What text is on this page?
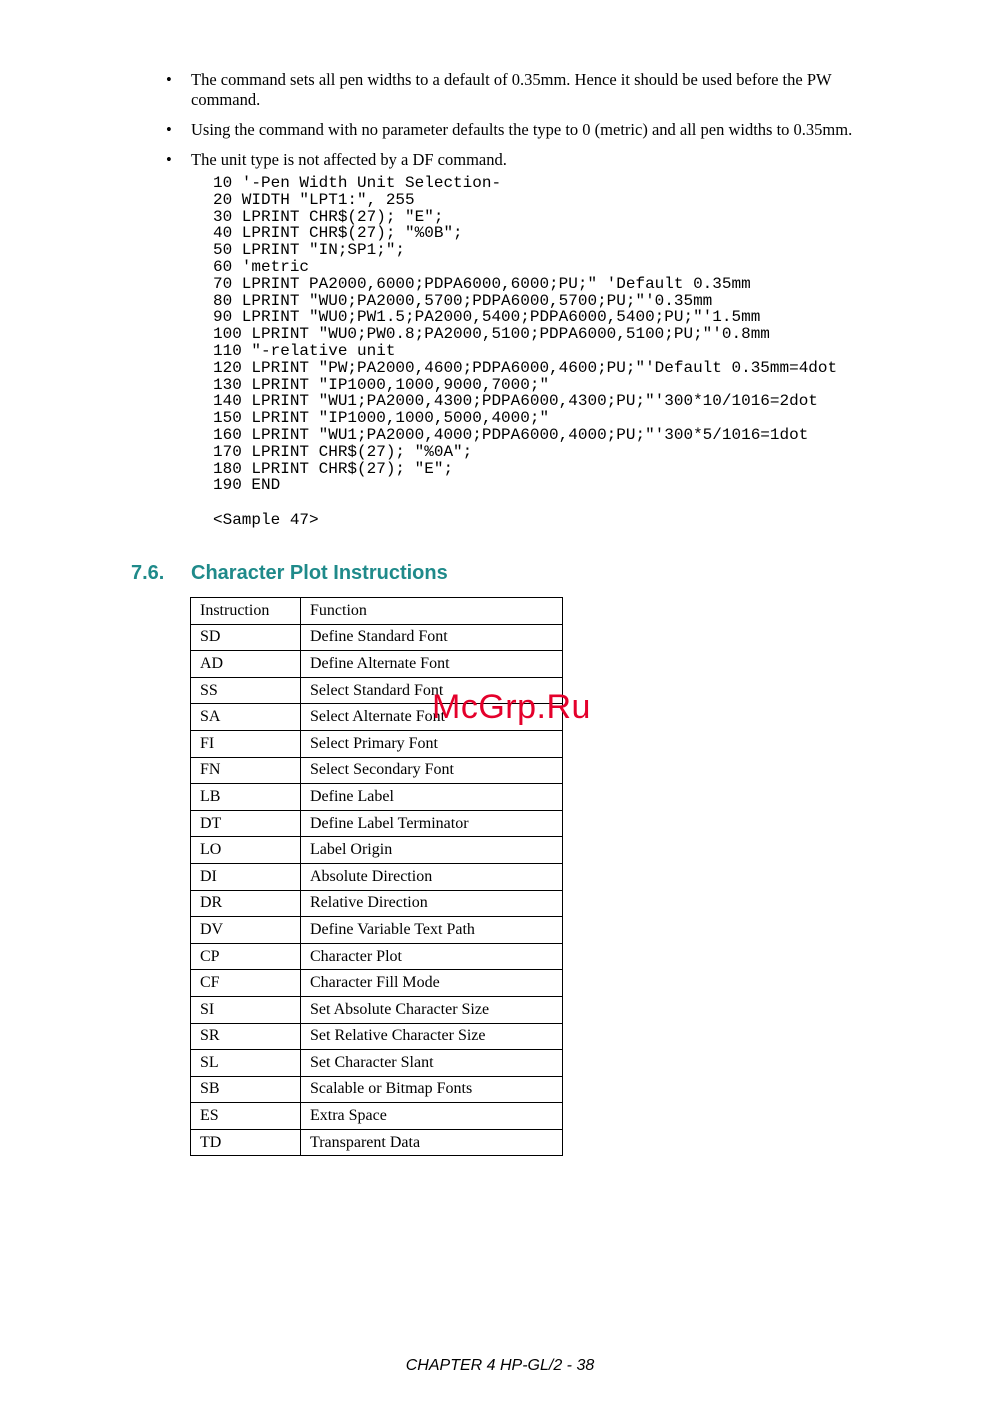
• The command sets all pen widths to a default of 0.35mm. Hence it should be used before the PW command.
• Using the command with no parameter defaults the type to 0 (metric) and all pen widths to 0.35mm.
• The unit type is not affected by a DF command.
10 '-Pen Width Unit Selection-
20 WIDTH "LPT1:", 255
30 LPRINT CHR$(27); "E";
40 LPRINT CHR$(27); "%0B";
50 LPRINT "IN;SP1;";
60 'metric
70 LPRINT PA2000,6000;PDPA6000,6000;PU;" 'Default 0.35mm
80 LPRINT "WU0;PA2000,5700;PDPA6000,5700;PU;"'0.35mm
90 LPRINT "WU0;PW1.5;PA2000,5400;PDPA6000,5400;PU;"'1.5mm
100 LPRINT "WU0;PW0.8;PA2000,5100;PDPA6000,5100;PU;"'0.8mm
110 "-relative unit
120 LPRINT "PW;PA2000,4600;PDPA6000,4600;PU;"'Default 0.35mm=4dot
130 LPRINT "IP1000,1000,9000,7000;"
140 LPRINT "WU1;PA2000,4300;PDPA6000,4300;PU;"'300*10/1016=2dot
150 LPRINT "IP1000,1000,5000,4000;"
160 LPRINT "WU1;PA2000,4000;PDPA6000,4000;PU;"'300*5/1016=1dot
170 LPRINT CHR$(27); "%0A";
180 LPRINT CHR$(27); "E";
190 END
<Sample 47>
7.6. Character Plot Instructions
Instruction	Function
SD	Define Standard Font
AD	Define Alternate Font
SS	Select Standard Font
SA	Select Alternate Font
FI	Select Primary Font
FN	Select Secondary Font
LB	Define Label
DT	Define Label Terminator
LO	Label Origin
DI	Absolute Direction
DR	Relative Direction
DV	Define Variable Text Path
CP	Character Plot
CF	Character Fill Mode
SI	Set Absolute Character Size
SR	Set Relative Character Size
SL	Set Character Slant
SB	Scalable or Bitmap Fonts
ES	Extra Space
TD	Transparent Data
McGrp.Ru
CHAPTER 4 HP-GL/2 - 38
